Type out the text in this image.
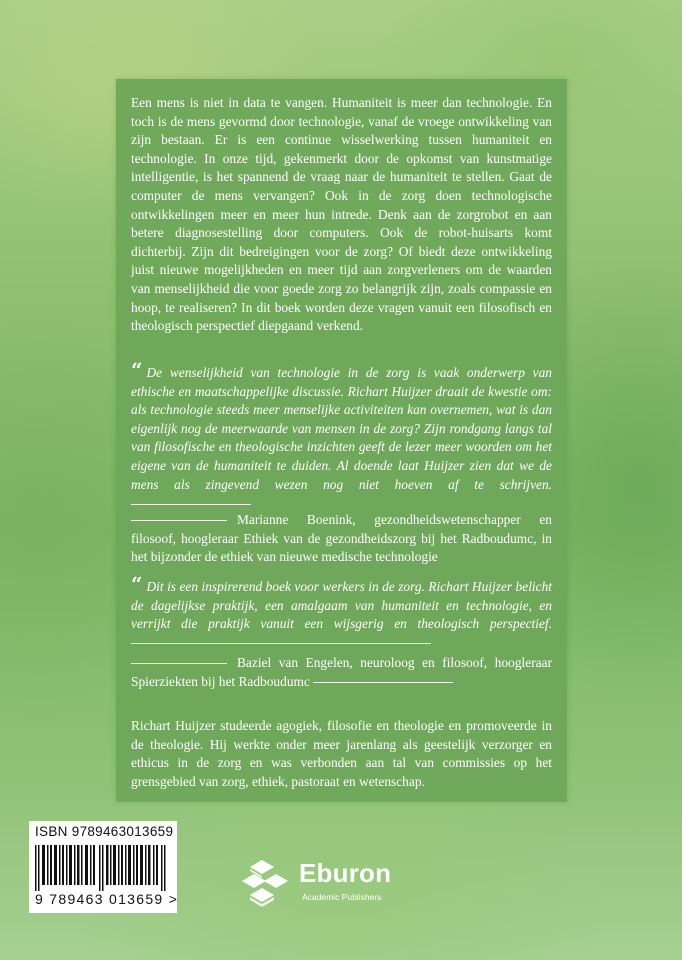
Een mens is niet in data te vangen. Humaniteit is meer dan technologie. En toch is de mens gevormd door technologie, vanaf de vroege ontwikkeling van zijn bestaan. Er is een continue wisselwerking tussen humaniteit en technologie. In onze tijd, gekenmerkt door de opkomst van kunstmatige intelligentie, is het spannend de vraag naar de humaniteit te stellen. Gaat de computer de mens vervangen? Ook in de zorg doen technologische ontwikkelingen meer en meer hun intrede. Denk aan de zorgrobot en aan betere diagnosestelling door computers. Ook de robot-huisarts komt dichterbij. Zijn dit bedreigingen voor de zorg? Of biedt deze ontwikkeling juist nieuwe mogelijkheden en meer tijd aan zorgverleners om de waarden van menselijkheid die voor goede zorg zo belangrijk zijn, zoals compassie en hoop, te realiseren? In dit boek worden deze vragen vanuit een filosofisch en theologisch perspectief diepgaand verkend.

“ De wenselijkheid van technologie in de zorg is vaak onderwerp van ethische en maatschappelijke discussie. Richart Huijzer draait de kwestie om: als technologie steeds meer menselijke activiteiten kan overnemen, wat is dan eigenlijk nog de meerwaarde van mensen in de zorg? Zijn rondgang langs tal van filosofische en theologische inzichten geeft de lezer meer woorden om het eigene van de humaniteit te duiden. Al doende laat Huijzer zien dat we de mens als zingevend wezen nog niet hoeven af te schrijven.

Marianne Boenink, gezondheidswetenschapper en filosoof, hoogleraar Ethiek van de gezondheidszorg bij het Radboudumc, in het bijzonder de ethiek van nieuwe medische technologie

“ Dit is een inspirerend boek voor werkers in de zorg. Richart Huijzer belicht de dagelijkse praktijk, een amalgaam van humaniteit en technologie, en verrijkt die praktijk vanuit een wijsgerig en theologisch perspectief.

Baziel van Engelen, neuroloog en filosoof, hoogleraar Spierziekten bij het Radboudumc

Richart Huijzer studeerde agogiek, filosofie en theologie en promoveerde in de theologie. Hij werkte onder meer jarenlang als geestelijk verzorger en ethicus in de zorg en was verbonden aan tal van commissies op het grensgebied van zorg, ethiek, pastoraat en wetenschap.

ISBN 9789463013659
9 789463 013659 >
Eburon
Academic Publishers
